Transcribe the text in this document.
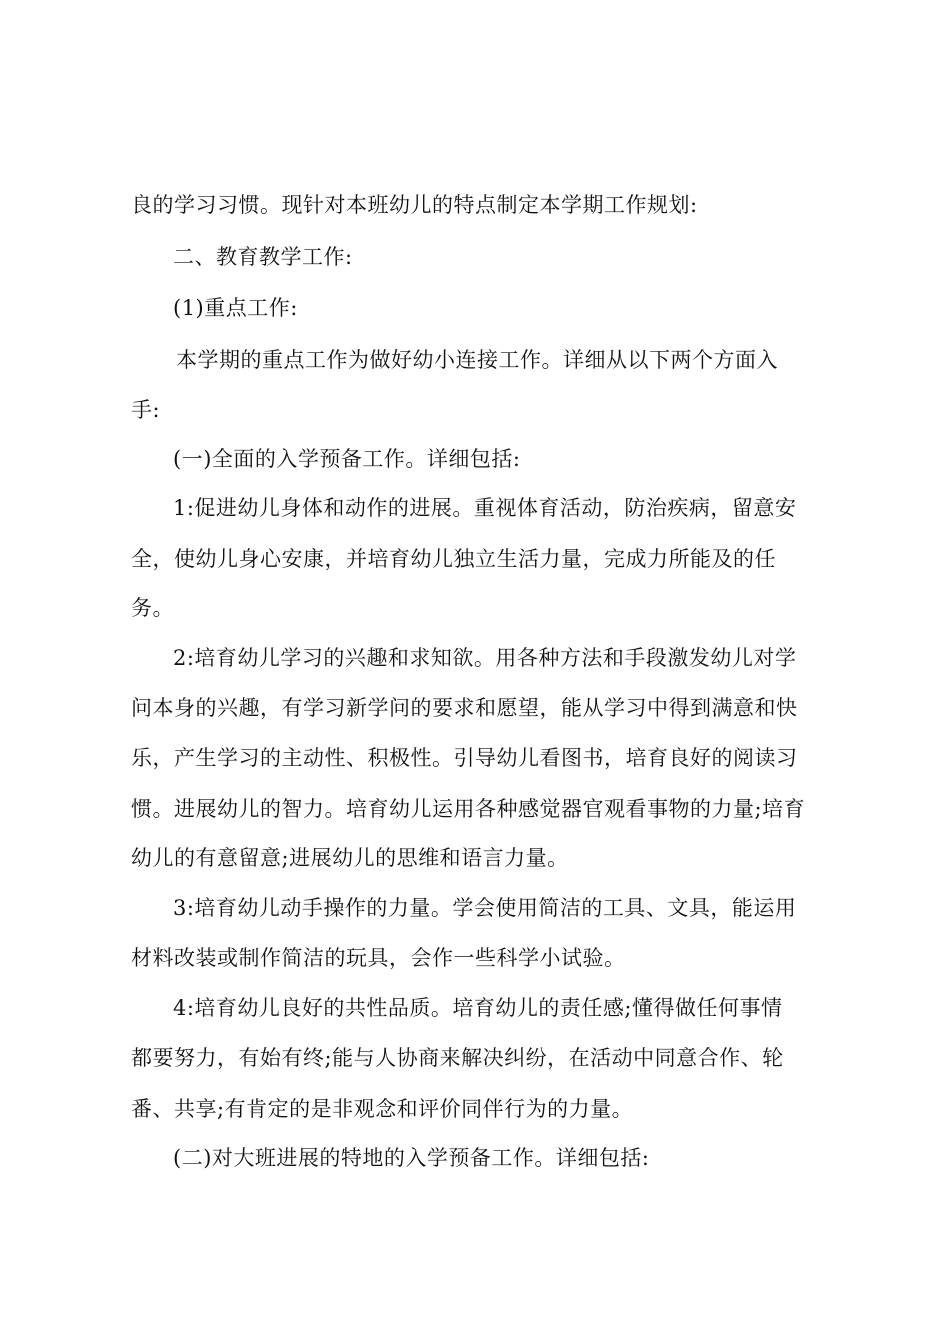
良的学习习惯。现针对本班幼儿的特点制定本学期工作规划:
二、教育教学工作:
(1)重点工作:
本学期的重点工作为做好幼小连接工作。详细从以下两个方面入
手:
(一)全面的入学预备工作。详细包括:
1:促进幼儿身体和动作的进展。重视体育活动，防治疾病，留意安
全，使幼儿身心安康，并培育幼儿独立生活力量，完成力所能及的任
务。
2:培育幼儿学习的兴趣和求知欲。用各种方法和手段激发幼儿对学
问本身的兴趣，有学习新学问的要求和愿望，能从学习中得到满意和快
乐，产生学习的主动性、积极性。引导幼儿看图书，培育良好的阅读习
惯。进展幼儿的智力。培育幼儿运用各种感觉器官观看事物的力量;培育
幼儿的有意留意;进展幼儿的思维和语言力量。
3:培育幼儿动手操作的力量。学会使用简洁的工具、文具，能运用
材料改装或制作简洁的玩具，会作一些科学小试验。
4:培育幼儿良好的共性品质。培育幼儿的责任感;懂得做任何事情
都要努力，有始有终;能与人协商来解决纠纷，在活动中同意合作、轮
番、共享;有肯定的是非观念和评价同伴行为的力量。
(二)对大班进展的特地的入学预备工作。详细包括:
